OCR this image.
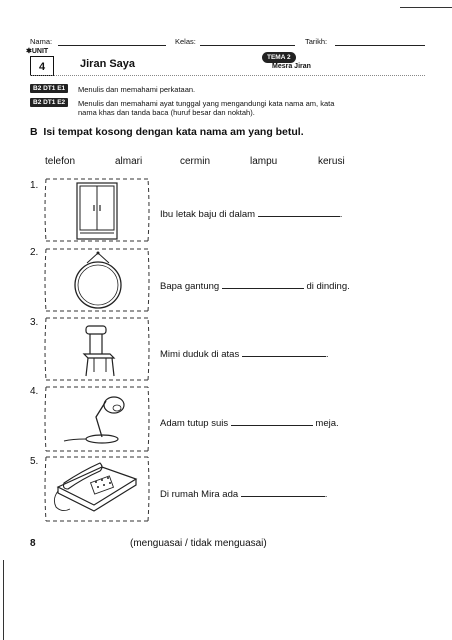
Nama:	Kelas:	Tarikh:
✱UNIT
4	Jiran Saya
TEMA 2
Mesra Jiran
B2 DT1 E1	Menulis dan memahami perkataan.
B2 DT1 E2	Menulis dan memahami ayat tunggal yang mengandungi kata nama am, kata
nama khas dan tanda baca (huruf besar dan noktah).
B  Isi tempat kosong dengan kata nama am yang betul.
telefon	almari	cermin	lampu	kerusi
1.
Ibu letak baju di dalam	.
2.
Bapa gantung	di dinding.
3.
Mimi duduk di atas	.
4.
Adam tutup suis	meja.
5.
Di rumah Mira ada	.
8	(menguasai / tidak menguasai)
